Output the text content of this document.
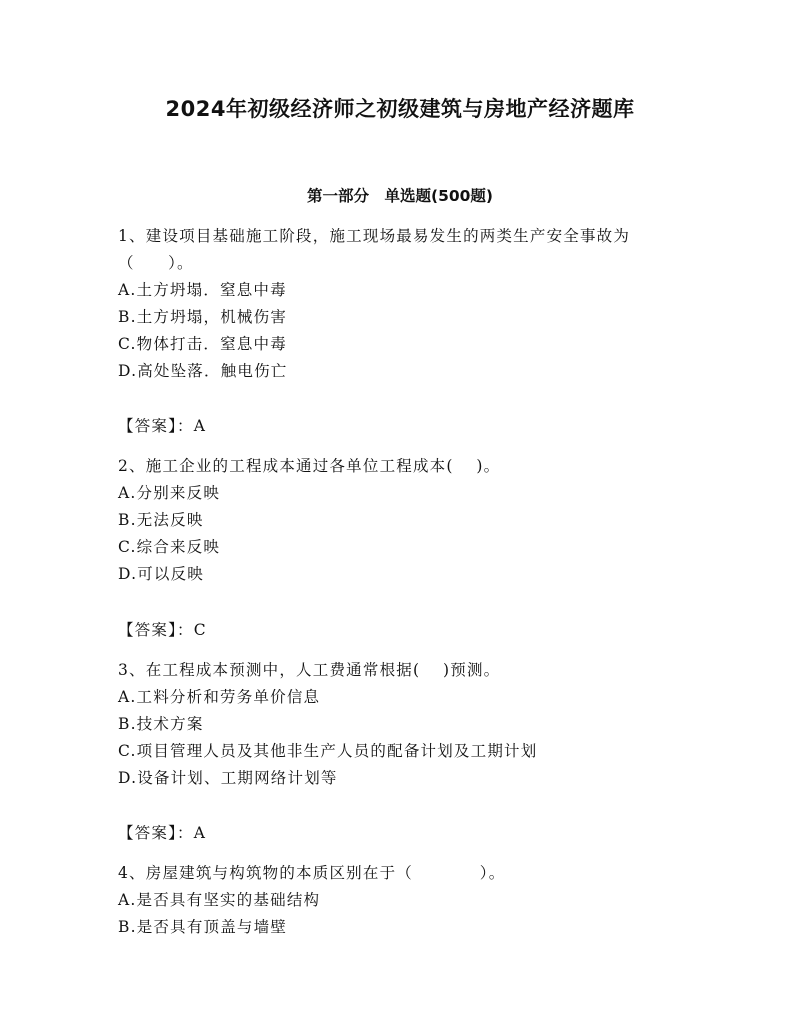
2024年初级经济师之初级建筑与房地产经济题库
第一部分　单选题(500题)
1、建设项目基础施工阶段，施工现场最易发生的两类生产安全事故为
（　　）。
A.土方坍塌．窒息中毒
B.土方坍塌，机械伤害
C.物体打击．窒息中毒
D.高处坠落．触电伤亡
【答案】：A
2、施工企业的工程成本通过各单位工程成本(　 )。
A.分别来反映
B.无法反映
C.综合来反映
D.可以反映
【答案】：C
3、在工程成本预测中，人工费通常根据(　 )预测。
A.工料分析和劳务单价信息
B.技术方案
C.项目管理人员及其他非生产人员的配备计划及工期计划
D.设备计划、工期网络计划等
【答案】：A
4、房屋建筑与构筑物的本质区别在于（　　　　）。
A.是否具有坚实的基础结构
B.是否具有顶盖与墙壁
